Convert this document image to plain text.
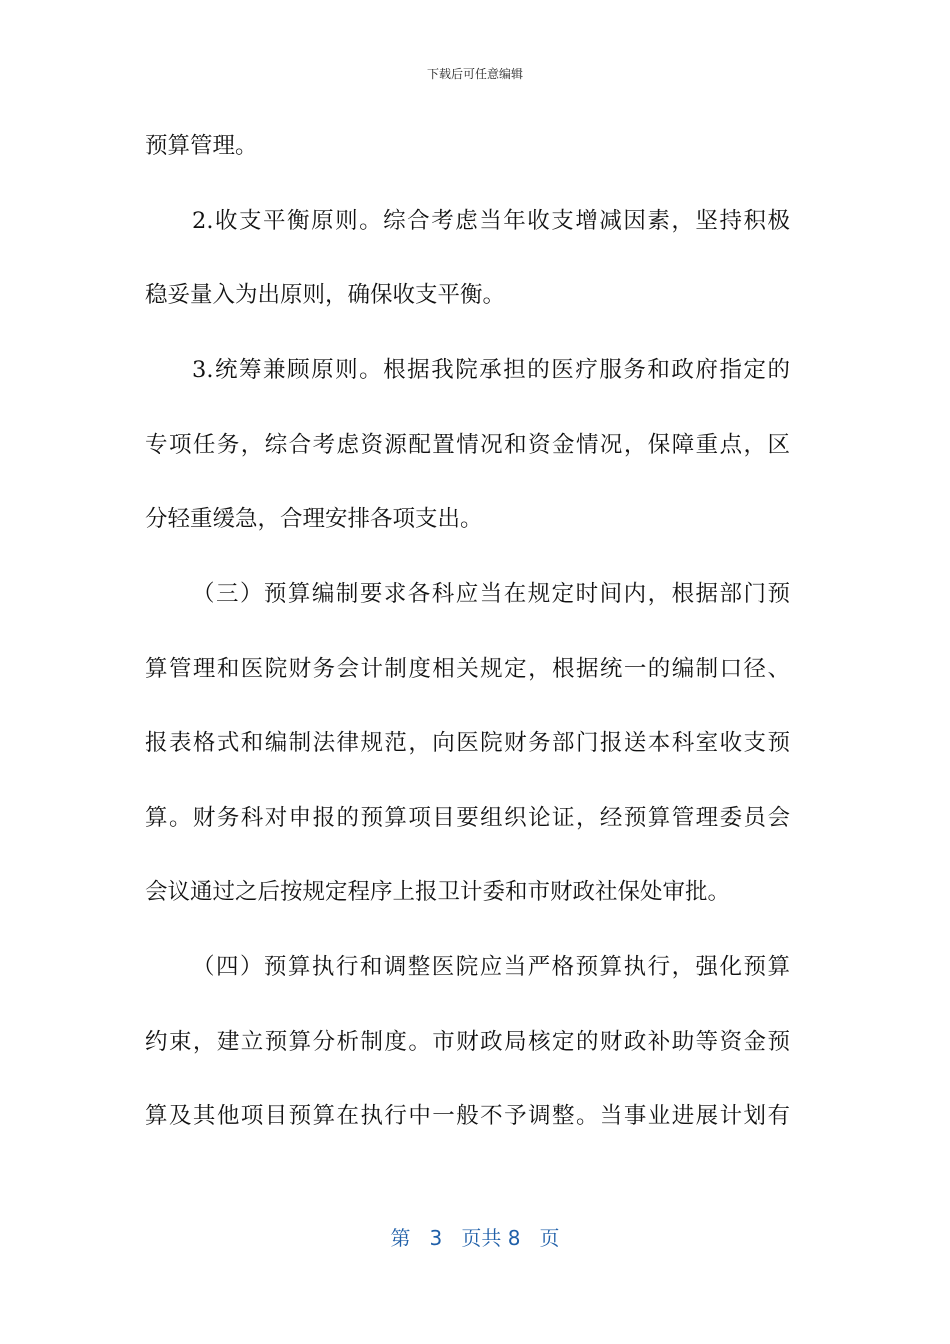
下载后可任意编辑
预算管理。
2.收支平衡原则。综合考虑当年收支增减因素，坚持积极
稳妥量入为出原则，确保收支平衡。
3.统筹兼顾原则。根据我院承担的医疗服务和政府指定的
专项任务，综合考虑资源配置情况和资金情况，保障重点，区
分轻重缓急，合理安排各项支出。
（三）预算编制要求各科应当在规定时间内，根据部门预
算管理和医院财务会计制度相关规定，根据统一的编制口径、
报表格式和编制法律规范，向医院财务部门报送本科室收支预
算。财务科对申报的预算项目要组织论证，经预算管理委员会
会议通过之后按规定程序上报卫计委和市财政社保处审批。
（四）预算执行和调整医院应当严格预算执行，强化预算
约束，建立预算分析制度。市财政局核定的财政补助等资金预
算及其他项目预算在执行中一般不予调整。当事业进展计划有
第 3 页共 8 页
